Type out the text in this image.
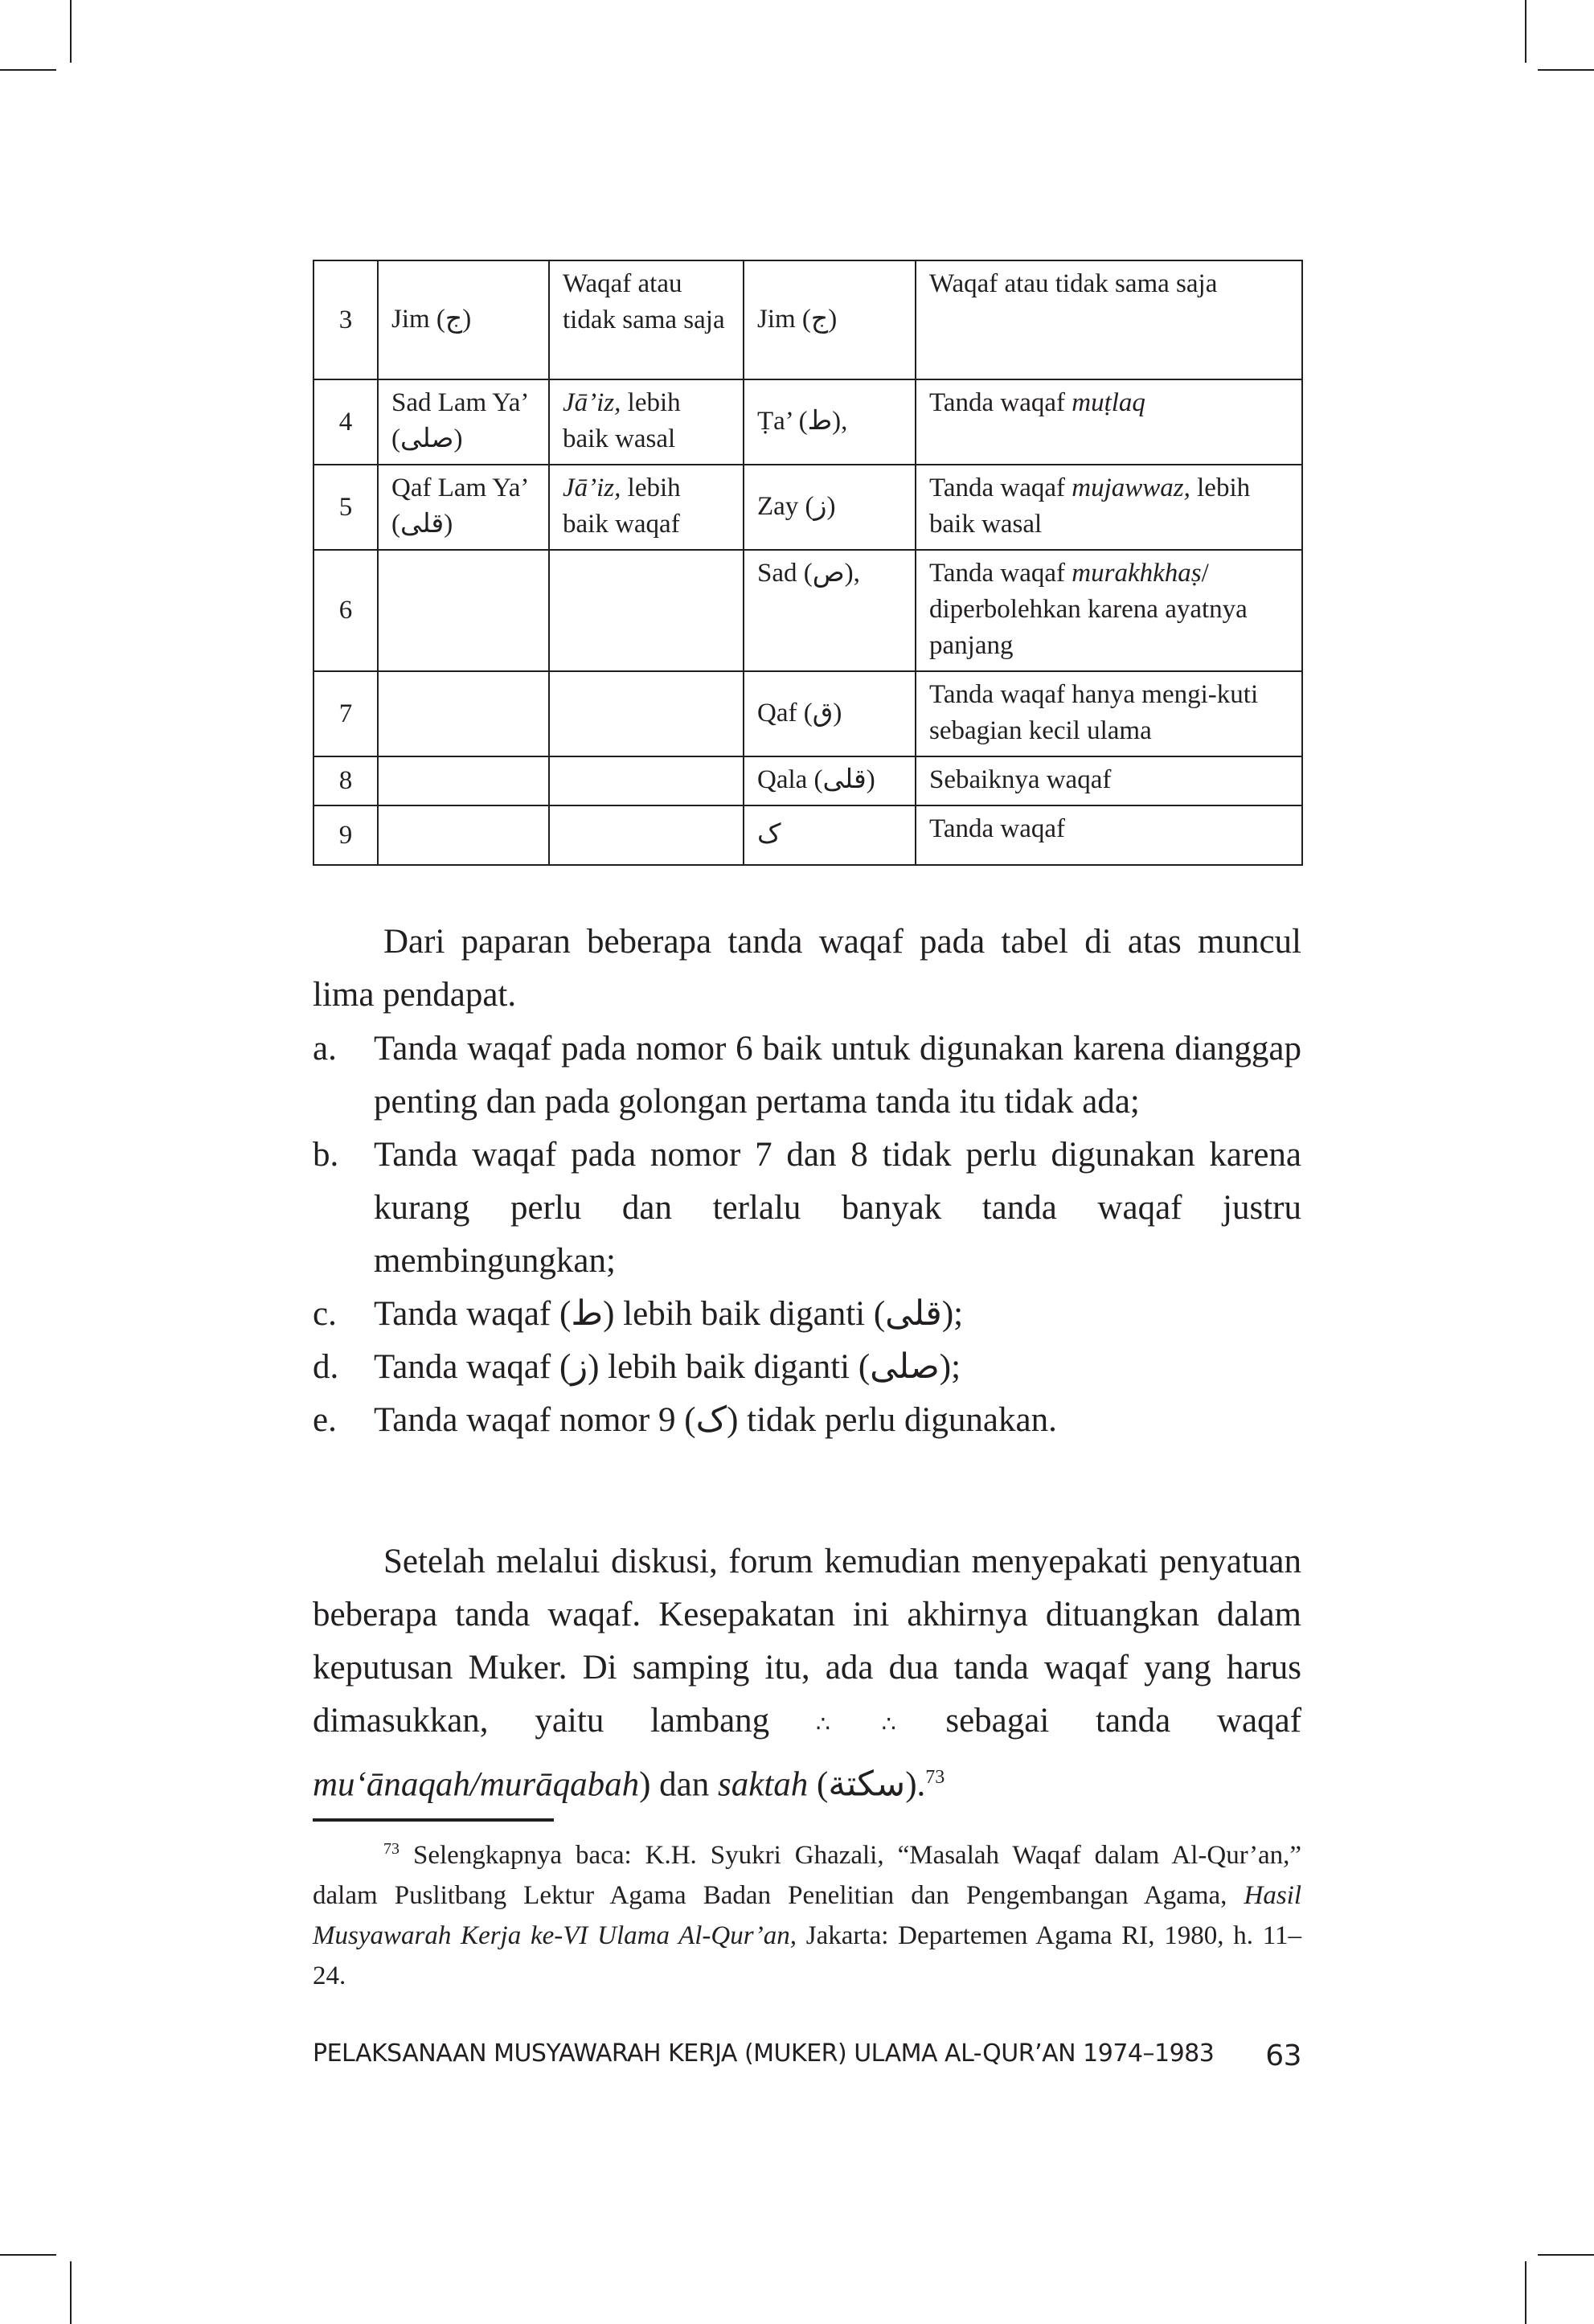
3	Jim (ج)	Waqaf atau tidak sama saja	Jim (ج)	Waqaf atau tidak sama saja
4	Sad Lam Ya’ (صلى)	Jā’iz, lebih baik wasal	Ṭa’ (ط),	Tanda waqaf muṭlaq
5	Qaf Lam Ya’ (قلى)	Jā’iz, lebih baik waqaf	Zay (ز)	Tanda waqaf mujawwaz, lebih baik wasal
6			Sad (ص),	Tanda waqaf murakhkhaṣ/ diperbolehkan karena ayatnya panjang
7			Qaf (ق)	Tanda waqaf hanya mengi-kuti sebagian kecil ulama
8			Qala (قلى)	Sebaiknya waqaf
9			ک	Tanda waqaf

Dari paparan beberapa tanda waqaf pada tabel di atas muncul lima pendapat.

a. Tanda waqaf pada nomor 6 baik untuk digunakan karena dianggap penting dan pada golongan pertama tanda itu tidak ada;
b. Tanda waqaf pada nomor 7 dan 8 tidak perlu digunakan karena kurang perlu dan terlalu banyak tanda waqaf justru membingungkan;
c. Tanda waqaf (ط) lebih baik diganti (قلى);
d. Tanda waqaf (ز) lebih baik diganti (صلى);
e. Tanda waqaf nomor 9 (ک) tidak perlu digunakan.

Setelah melalui diskusi, forum kemudian menyepakati penyatuan beberapa tanda waqaf. Kesepakatan ini akhirnya dituangkan dalam keputusan Muker. Di samping itu, ada dua tanda waqaf yang harus dimasukkan, yaitu lambang ∴ ∴ sebagai tanda waqaf mu‘ānaqah/murāqabah) dan saktah (سكتة).$^{73}$

$^{73}$ Selengkapnya baca: K.H. Syukri Ghazali, “Masalah Waqaf dalam Al-Qur’an,” dalam Puslitbang Lektur Agama Badan Penelitian dan Pengembangan Agama, Hasil Musyawarah Kerja ke-VI Ulama Al-Qur’an, Jakarta: Departemen Agama RI, 1980, h. 11–24.

PELAKSANAAN MUSYAWARAH KERJA (MUKER) ULAMA AL-QUR’AN 1974–1983 63
